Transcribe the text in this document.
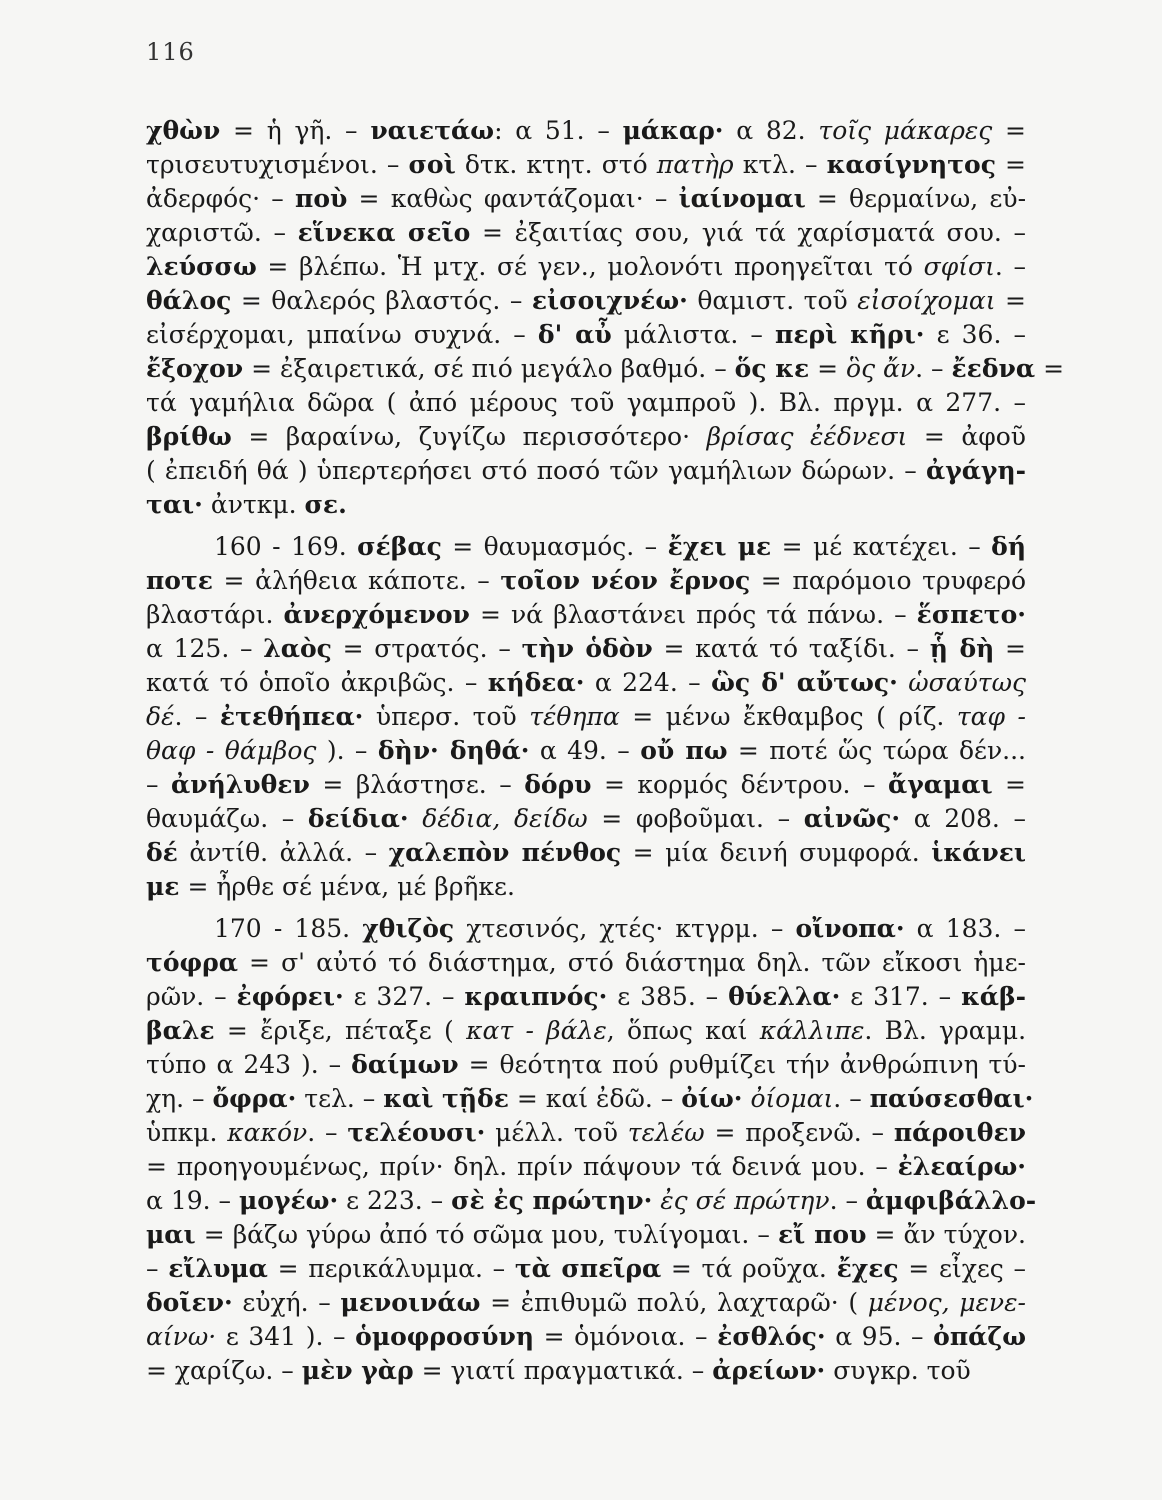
116
χθὼν = ἡ γῆ. – ναιετάω: α 51. – μάκαρ· α 82. τοῖς μάκαρες =
τρισευτυχισμένοι. – σοὶ δτκ. κτητ. στό πατὴρ κτλ. – κασίγνητος =
ἀδερφός· – ποὺ = καθὼς φαντάζομαι· – ἰαίνομαι = θερμαίνω, εὐ-
χαριστῶ. – εἵνεκα σεῖο = ἐξαιτίας σου, γιά τά χαρίσματά σου. –
λεύσσω = βλέπω. Ἡ μτχ. σέ γεν., μολονότι προηγεῖται τό σφίσι. –
θάλος = θαλερός βλαστός. – εἰσοιχνέω· θαμιστ. τοῦ εἰσοίχομαι =
εἰσέρχομαι, μπαίνω συχνά. – δ' αὖ μάλιστα. – περὶ κῆρι· ε 36. –
ἔξοχον = ἐξαιρετικά, σέ πιό μεγάλο βαθμό. – ὅς κε = ὃς ἄν. – ἔεδνα =
τά γαμήλια δῶρα ( ἀπό μέρους τοῦ γαμπροῦ ). Βλ. πργμ. α 277. –
βρίθω = βαραίνω, ζυγίζω περισσότερο· βρίσας ἐέδνεσι = ἀφοῦ
( ἐπειδή θά ) ὑπερτερήσει στό ποσό τῶν γαμήλιων δώρων. – ἀγάγη-
ται· ἀντκμ. σε.
160 - 169. σέβας = θαυμασμός. – ἔχει με = μέ κατέχει. – δή
ποτε = ἀλήθεια κάποτε. – τοῖον νέον ἔρνος = παρόμοιο τρυφερό
βλαστάρι. ἀνερχόμενον = νά βλαστάνει πρός τά πάνω. – ἕσπετο·
α 125. – λαὸς = στρατός. – τὴν ὁδὸν = κατά τό ταξίδι. – ᾗ δὴ =
κατά τό ὁποῖο ἀκριβῶς. – κήδεα· α 224. – ὣς δ' αὔτως· ὡσαύτως
δέ. – ἐτεθήπεα· ὑπερσ. τοῦ τέθηπα = μένω ἔκθαμβος ( ρίζ. ταφ -
θαφ - θάμβος ). – δὴν· δηθά· α 49. – οὔ πω = ποτέ ὥς τώρα δέν...
– ἀνήλυθεν = βλάστησε. – δόρυ = κορμός δέντρου. – ἄγαμαι =
θαυμάζω. – δείδια· δέδια, δείδω = φοβοῦμαι. – αἰνῶς· α 208. –
δέ ἀντίθ. ἀλλά. – χαλεπὸν πένθος = μία δεινή συμφορά. ἱκάνει
με = ἦρθε σέ μένα, μέ βρῆκε.
170 - 185. χθιζὸς χτεσινός, χτές· κτγρμ. – οἴνοπα· α 183. –
τόφρα = σ' αὐτό τό διάστημα, στό διάστημα δηλ. τῶν εἴκοσι ἡμε-
ρῶν. – ἐφόρει· ε 327. – κραιπνός· ε 385. – θύελλα· ε 317. – κάβ-
βαλε = ἔριξε, πέταξε ( κατ - βάλε, ὅπως καί κάλλιπε. Βλ. γραμμ.
τύπο α 243 ). – δαίμων = θεότητα πού ρυθμίζει τήν ἀνθρώπινη τύ-
χη. – ὄφρα· τελ. – καὶ τῇδε = καί ἐδῶ. – ὀίω· ὀίομαι. – παύσεσθαι·
ὑπκμ. κακόν. – τελέουσι· μέλλ. τοῦ τελέω = προξενῶ. – πάροιθεν
= προηγουμένως, πρίν· δηλ. πρίν πάψουν τά δεινά μου. – ἐλεαίρω·
α 19. – μογέω· ε 223. – σὲ ἐς πρώτην· ἐς σέ πρώτην. – ἀμφιβάλλο-
μαι = βάζω γύρω ἀπό τό σῶμα μου, τυλίγομαι. – εἴ που = ἄν τύχον.
– εἴλυμα = περικάλυμμα. – τὰ σπεῖρα = τά ροῦχα. ἔχες = εἶχες –
δοῖεν· εὐχή. – μενοινάω = ἐπιθυμῶ πολύ, λαχταρῶ· ( μένος, μενε-
αίνω· ε 341 ). – ὁμοφροσύνη = ὁμόνοια. – ἐσθλός· α 95. – ὀπάζω
= χαρίζω. – μὲν γὰρ = γιατί πραγματικά. – ἀρείων· συγκρ. τοῦ
